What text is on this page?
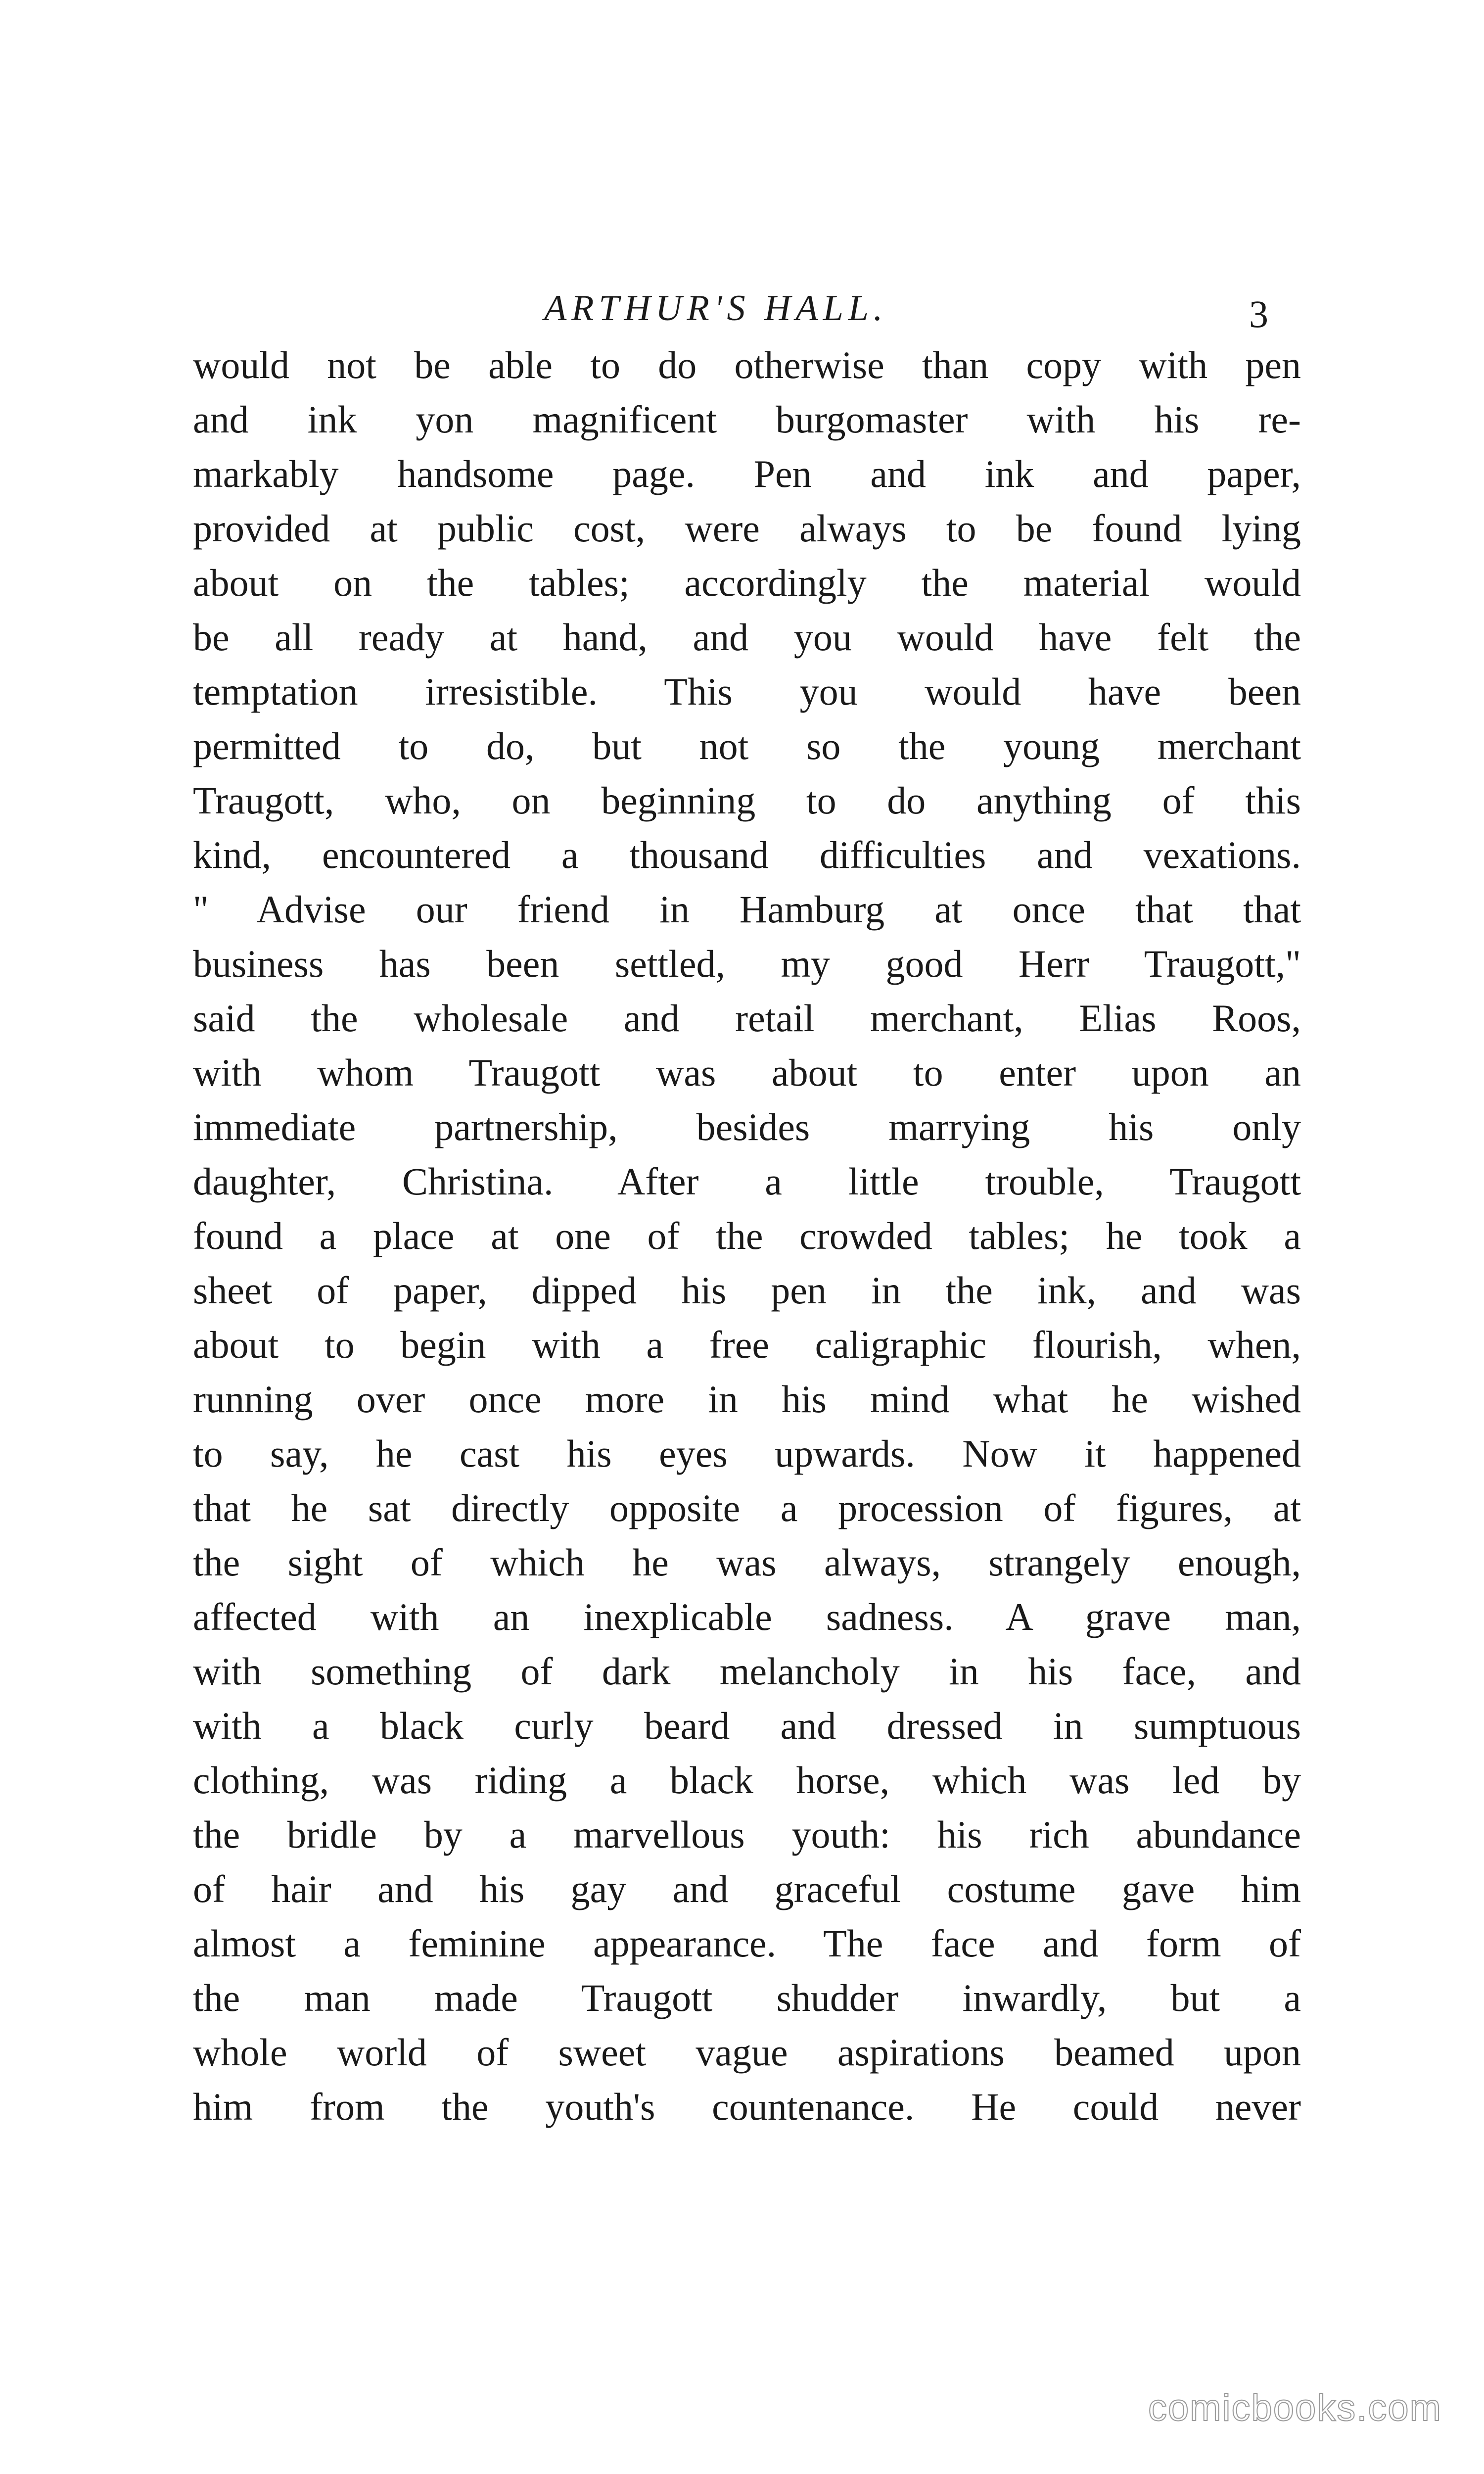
ARTHUR'S HALL.	3
would not be able to do otherwise than copy with pen
and ink yon magnificent burgomaster with his re-
markably handsome page. Pen and ink and paper,
provided at public cost, were always to be found lying
about on the tables; accordingly the material would
be all ready at hand, and you would have felt the
temptation irresistible. This you would have been
permitted to do, but not so the young merchant
Traugott, who, on beginning to do anything of this
kind, encountered a thousand difficulties and vexations.
" Advise our friend in Hamburg at once that that
business has been settled, my good Herr Traugott,"
said the wholesale and retail merchant, Elias Roos,
with whom Traugott was about to enter upon an
immediate partnership, besides marrying his only
daughter, Christina. After a little trouble, Traugott
found a place at one of the crowded tables; he took a
sheet of paper, dipped his pen in the ink, and was
about to begin with a free caligraphic flourish, when,
running over once more in his mind what he wished
to say, he cast his eyes upwards. Now it happened
that he sat directly opposite a procession of figures, at
the sight of which he was always, strangely enough,
affected with an inexplicable sadness. A grave man,
with something of dark melancholy in his face, and
with a black curly beard and dressed in sumptuous
clothing, was riding a black horse, which was led by
the bridle by a marvellous youth: his rich abundance
of hair and his gay and graceful costume gave him
almost a feminine appearance. The face and form of
the man made Traugott shudder inwardly, but a
whole world of sweet vague aspirations beamed upon
him from the youth's countenance. He could never
comicbooks.com
